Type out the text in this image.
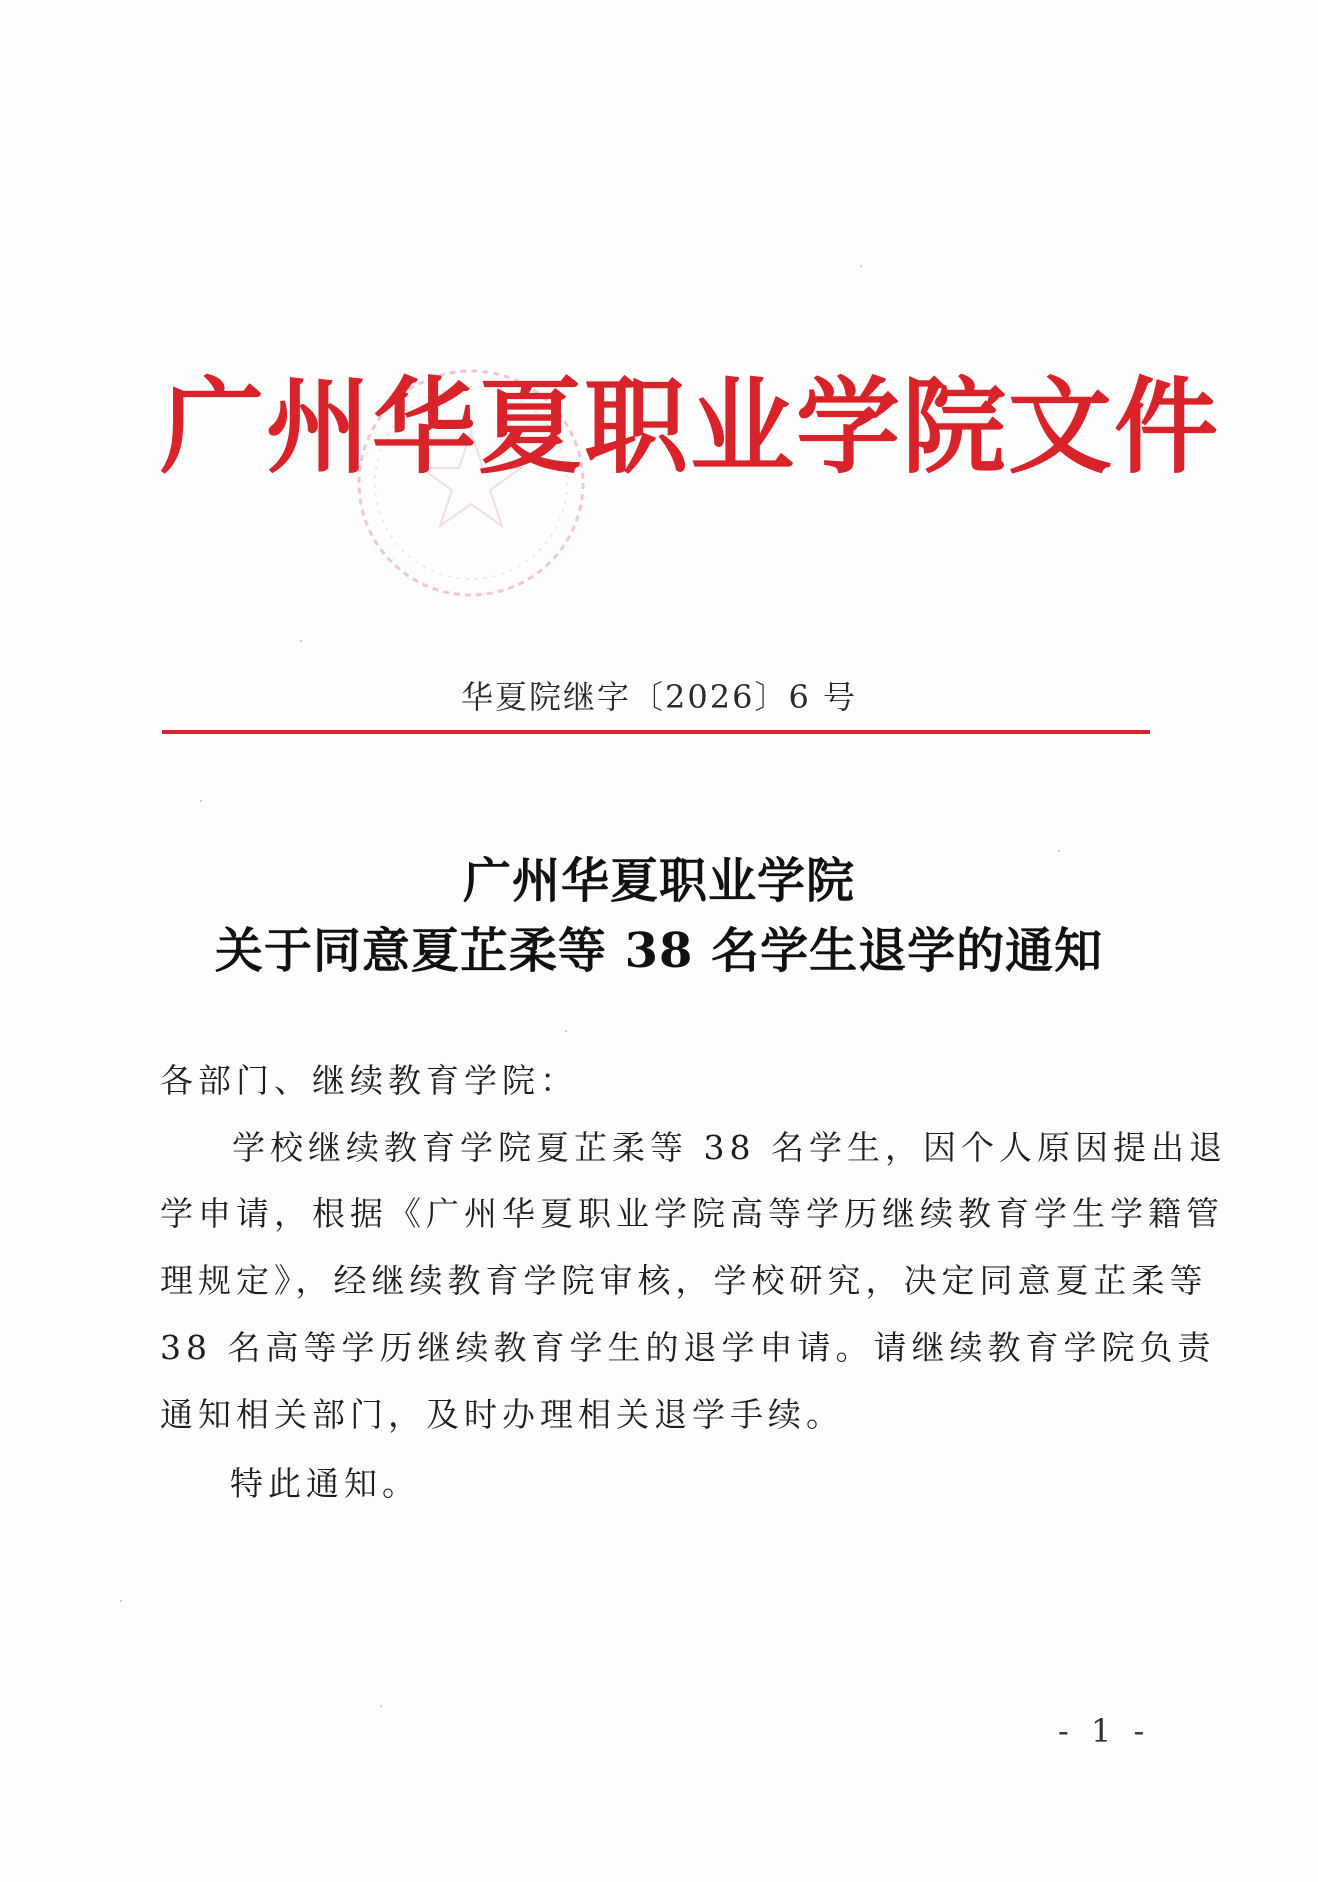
广州华夏职业学院文件
华夏院继字〔2026〕6 号
广州华夏职业学院
关于同意夏芷柔等 38 名学生退学的通知
各部门、继续教育学院：
学校继续教育学院夏芷柔等 38 名学生，因个人原因提出退
学申请，根据《广州华夏职业学院高等学历继续教育学生学籍管
理规定》，经继续教育学院审核，学校研究，决定同意夏芷柔等
38 名高等学历继续教育学生的退学申请。请继续教育学院负责
通知相关部门，及时办理相关退学手续。
特此通知。
- 1 -
